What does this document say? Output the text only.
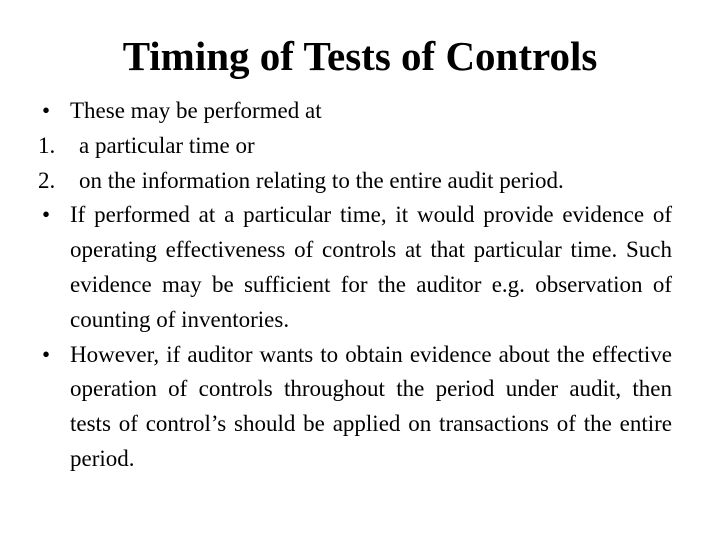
Timing of Tests of Controls
• These may be performed at
1.	a particular time or
2.	on the information relating to the entire audit period.
• If performed at a particular time, it would provide evidence of operating effectiveness of controls at that particular time. Such evidence may be sufficient for the auditor e.g. observation of counting of inventories.
• However, if auditor wants to obtain evidence about the effective operation of controls throughout the period under audit, then tests of control’s should be applied on transactions of the entire period.
